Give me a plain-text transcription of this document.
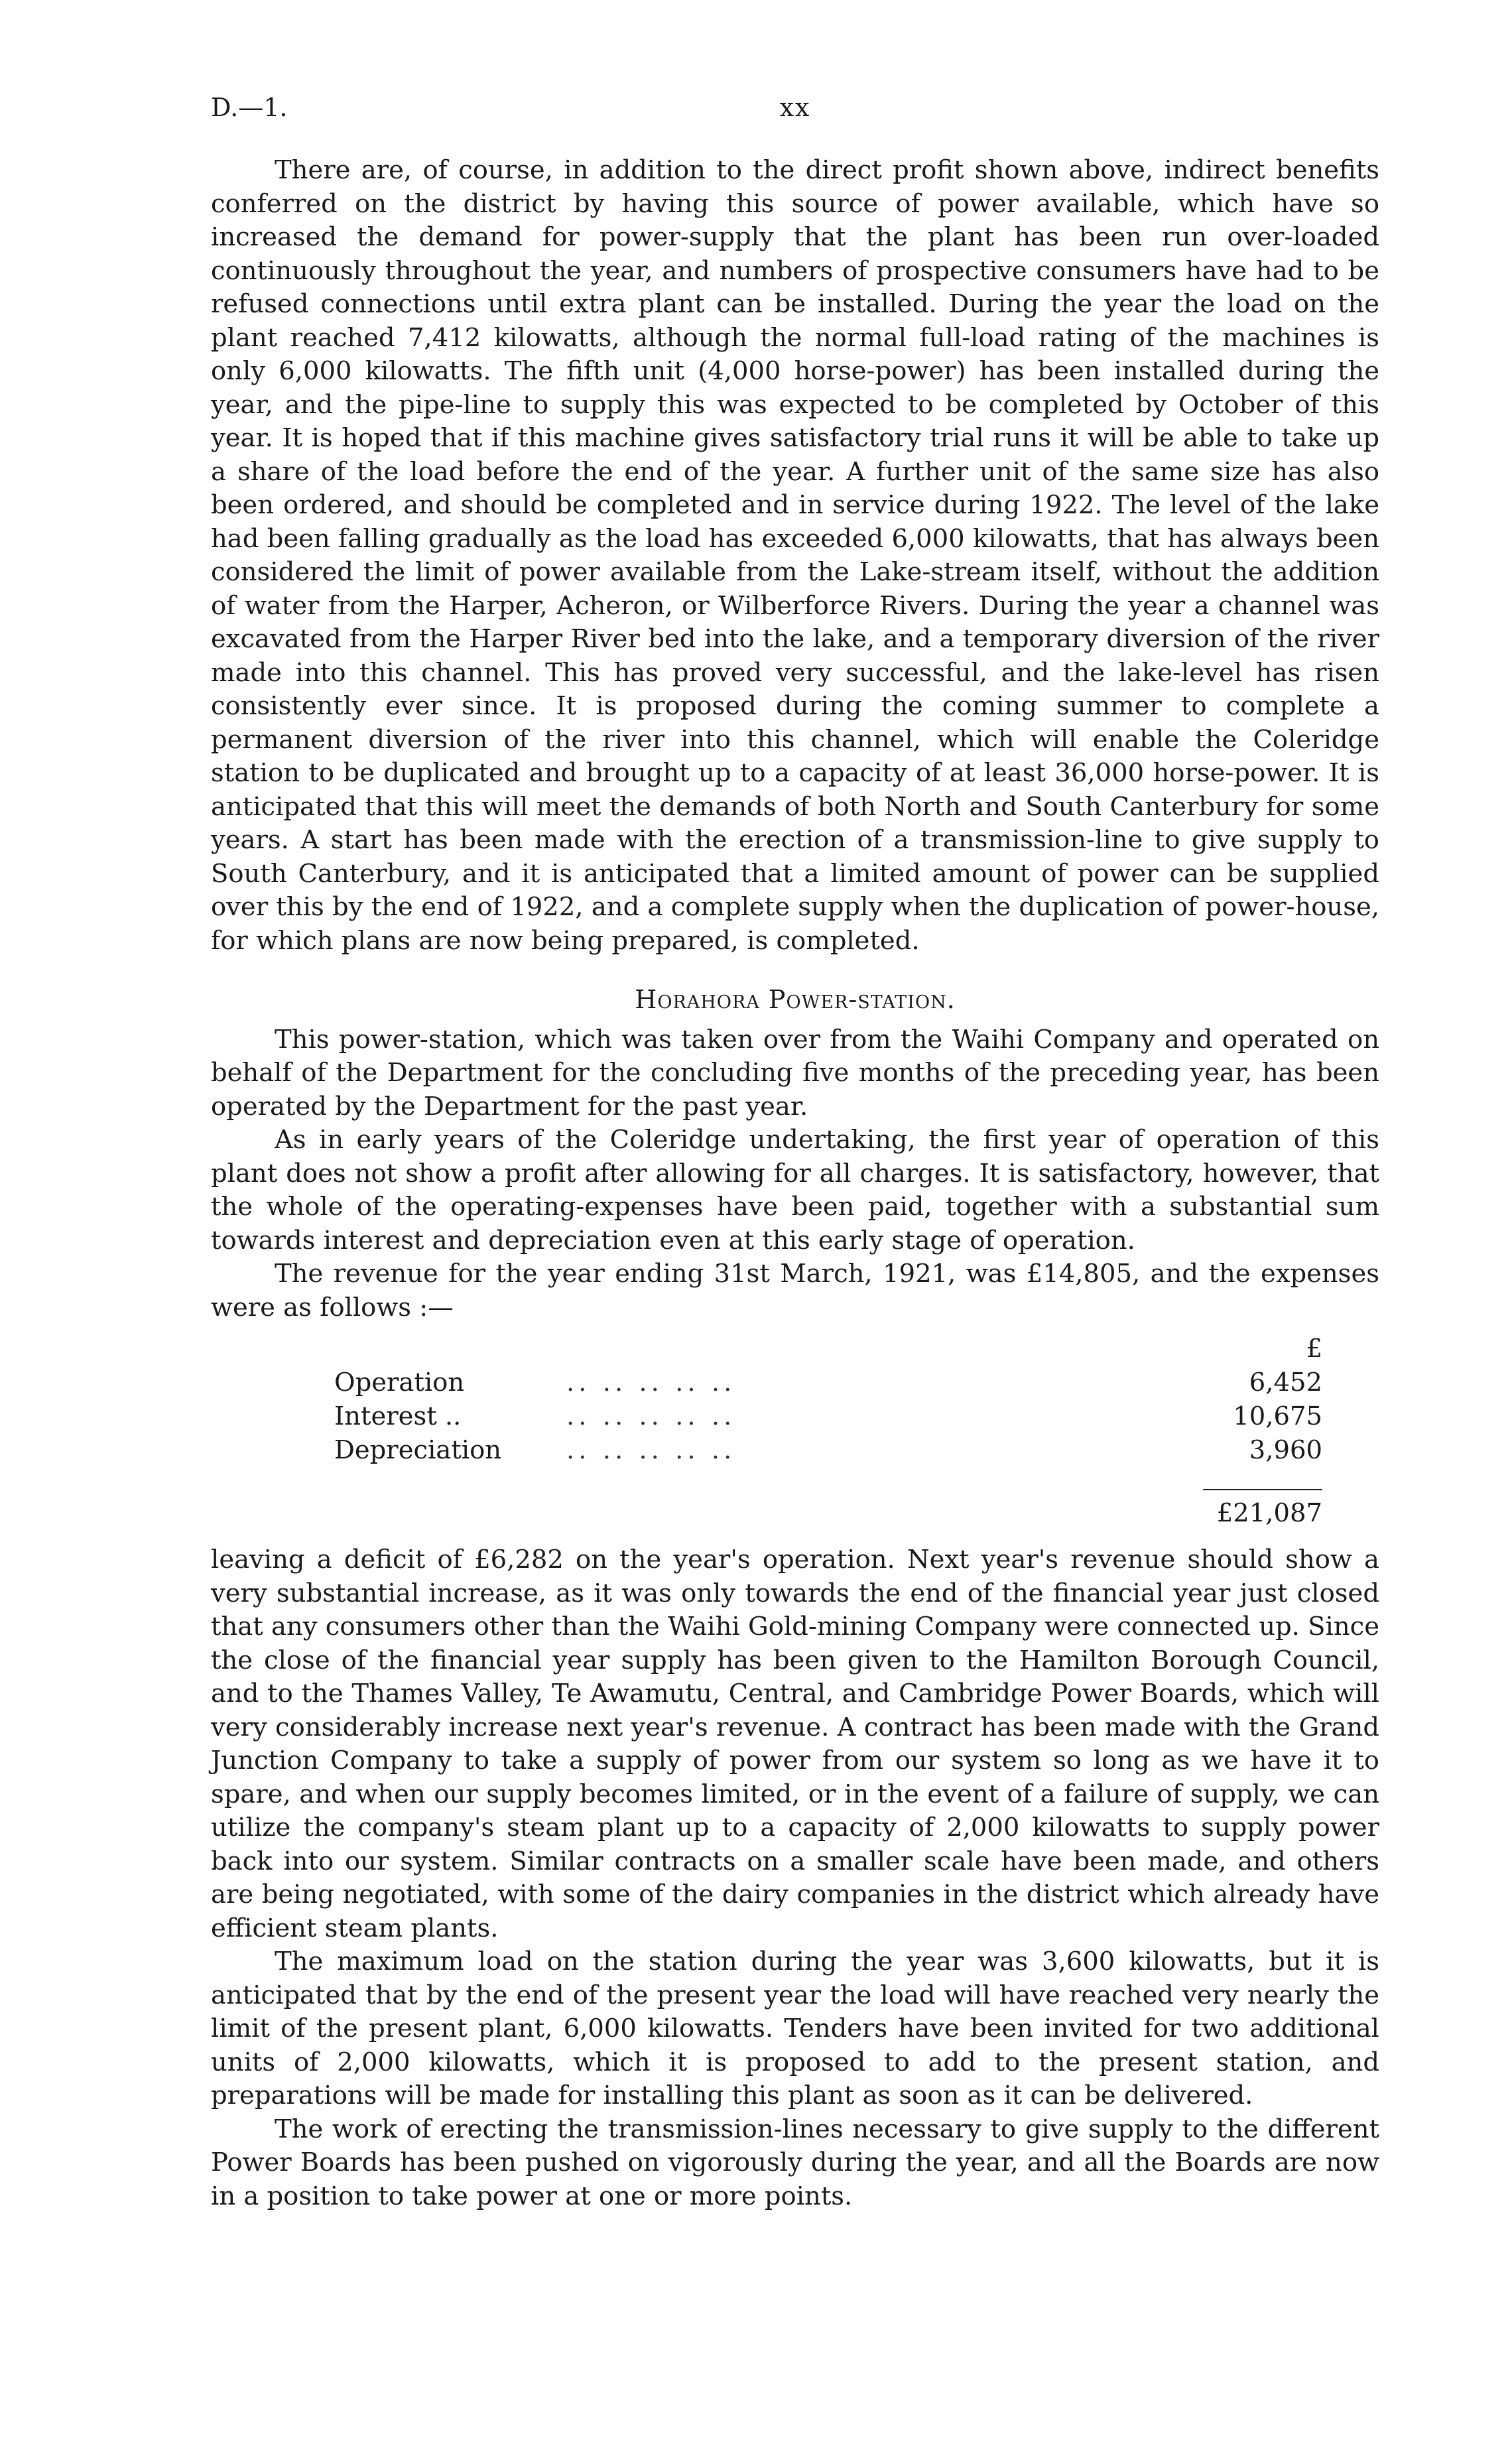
D.—1.	xx

There are, of course, in addition to the direct profit shown above, indirect benefits conferred on the district by having this source of power available, which have so increased the demand for power-supply that the plant has been run over-loaded continuously throughout the year, and numbers of prospective consumers have had to be refused connections until extra plant can be installed. During the year the load on the plant reached 7,412 kilowatts, although the normal full-load rating of the machines is only 6,000 kilowatts. The fifth unit (4,000 horse-power) has been installed during the year, and the pipe-line to supply this was expected to be completed by October of this year. It is hoped that if this machine gives satisfactory trial runs it will be able to take up a share of the load before the end of the year. A further unit of the same size has also been ordered, and should be completed and in service during 1922. The level of the lake had been falling gradually as the load has exceeded 6,000 kilowatts, that has always been considered the limit of power available from the Lake-stream itself, without the addition of water from the Harper, Acheron, or Wilberforce Rivers. During the year a channel was excavated from the Harper River bed into the lake, and a temporary diversion of the river made into this channel. This has proved very successful, and the lake-level has risen consistently ever since. It is proposed during the coming summer to complete a permanent diversion of the river into this channel, which will enable the Coleridge station to be duplicated and brought up to a capacity of at least 36,000 horse-power. It is anticipated that this will meet the demands of both North and South Canterbury for some years. A start has been made with the erection of a transmission-line to give supply to South Canterbury, and it is anticipated that a limited amount of power can be supplied over this by the end of 1922, and a complete supply when the duplication of power-house, for which plans are now being prepared, is completed.

Horahora Power-station.

This power-station, which was taken over from the Waihi Company and operated on behalf of the Department for the concluding five months of the preceding year, has been operated by the Department for the past year.

As in early years of the Coleridge undertaking, the first year of operation of this plant does not show a profit after allowing for all charges. It is satisfactory, however, that the whole of the operating-expenses have been paid, together with a substantial sum towards interest and depreciation even at this early stage of operation.

The revenue for the year ending 31st March, 1921, was £14,805, and the expenses were as follows :—

£
Operation	.. .. .. .. ..	6,452
Interest ..	.. .. .. .. ..	10,675
Depreciation	.. .. .. .. ..	3,960
£21,087

leaving a deficit of £6,282 on the year's operation. Next year's revenue should show a very substantial increase, as it was only towards the end of the financial year just closed that any consumers other than the Waihi Gold-mining Company were connected up. Since the close of the financial year supply has been given to the Hamilton Borough Council, and to the Thames Valley, Te Awamutu, Central, and Cambridge Power Boards, which will very considerably increase next year's revenue. A contract has been made with the Grand Junction Company to take a supply of power from our system so long as we have it to spare, and when our supply becomes limited, or in the event of a failure of supply, we can utilize the company's steam plant up to a capacity of 2,000 kilowatts to supply power back into our system. Similar contracts on a smaller scale have been made, and others are being negotiated, with some of the dairy companies in the district which already have efficient steam plants.

The maximum load on the station during the year was 3,600 kilowatts, but it is anticipated that by the end of the present year the load will have reached very nearly the limit of the present plant, 6,000 kilowatts. Tenders have been invited for two additional units of 2,000 kilowatts, which it is proposed to add to the present station, and preparations will be made for installing this plant as soon as it can be delivered.

The work of erecting the transmission-lines necessary to give supply to the different Power Boards has been pushed on vigorously during the year, and all the Boards are now in a position to take power at one or more points.
